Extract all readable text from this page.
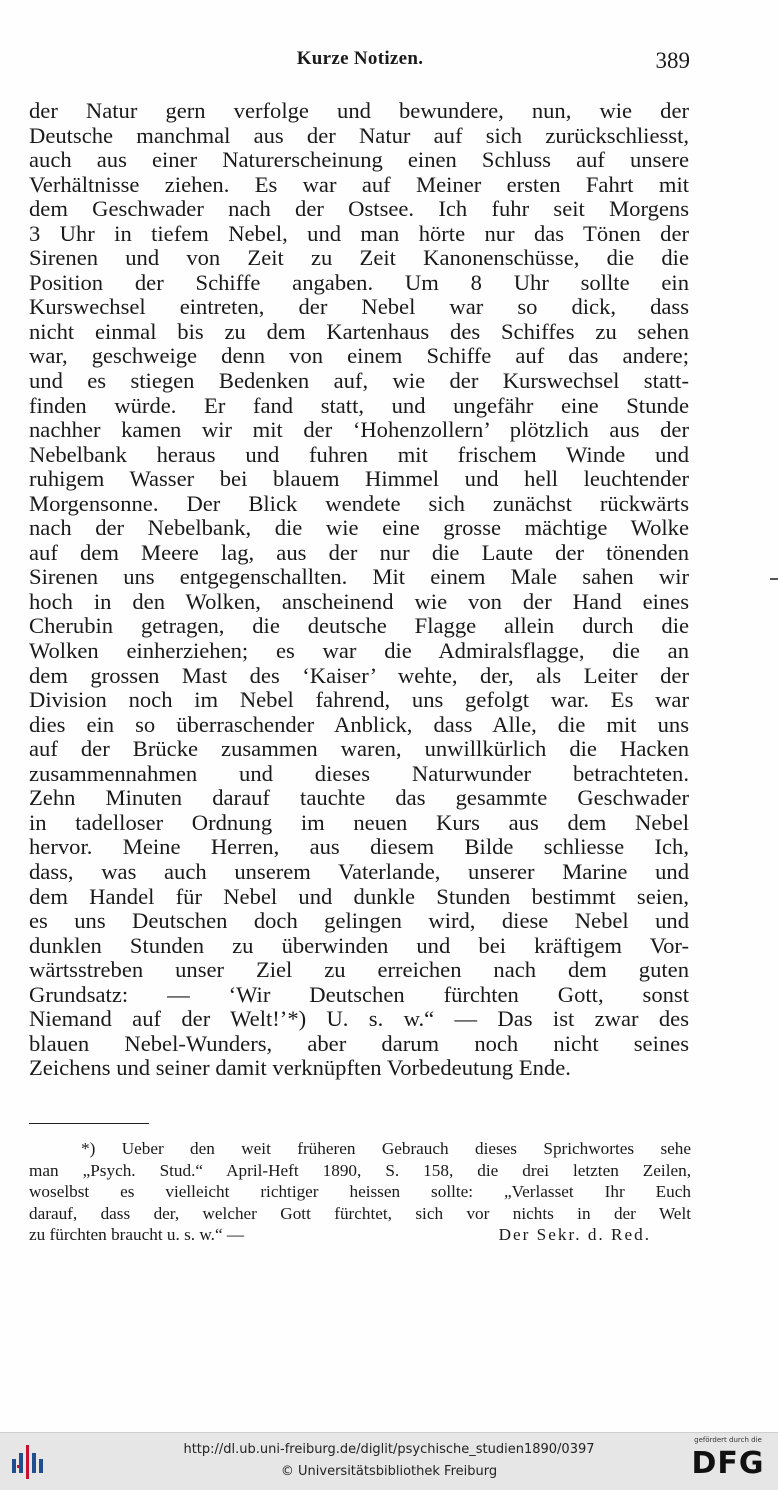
Kurze Notizen.	389
der Natur gern verfolge und bewundere, nun, wie der
Deutsche manchmal aus der Natur auf sich zurückschliesst,
auch aus einer Naturerscheinung einen Schluss auf unsere
Verhältnisse ziehen. Es war auf Meiner ersten Fahrt mit
dem Geschwader nach der Ostsee. Ich fuhr seit Morgens
3 Uhr in tiefem Nebel, und man hörte nur das Tönen der
Sirenen und von Zeit zu Zeit Kanonenschüsse, die die
Position der Schiffe angaben. Um 8 Uhr sollte ein
Kurswechsel eintreten, der Nebel war so dick, dass
nicht einmal bis zu dem Kartenhaus des Schiffes zu sehen
war, geschweige denn von einem Schiffe auf das andere;
und es stiegen Bedenken auf, wie der Kurswechsel statt-
finden würde. Er fand statt, und ungefähr eine Stunde
nachher kamen wir mit der ‘Hohenzollern’ plötzlich aus der
Nebelbank heraus und fuhren mit frischem Winde und
ruhigem Wasser bei blauem Himmel und hell leuchtender
Morgensonne. Der Blick wendete sich zunächst rückwärts
nach der Nebelbank, die wie eine grosse mächtige Wolke
auf dem Meere lag, aus der nur die Laute der tönenden
Sirenen uns entgegenschallten. Mit einem Male sahen wir
hoch in den Wolken, anscheinend wie von der Hand eines
Cherubin getragen, die deutsche Flagge allein durch die
Wolken einherziehen; es war die Admiralsflagge, die an
dem grossen Mast des ‘Kaiser’ wehte, der, als Leiter der
Division noch im Nebel fahrend, uns gefolgt war. Es war
dies ein so überraschender Anblick, dass Alle, die mit uns
auf der Brücke zusammen waren, unwillkürlich die Hacken
zusammennahmen und dieses Naturwunder betrachteten.
Zehn Minuten darauf tauchte das gesammte Geschwader
in tadelloser Ordnung im neuen Kurs aus dem Nebel
hervor. Meine Herren, aus diesem Bilde schliesse Ich,
dass, was auch unserem Vaterlande, unserer Marine und
dem Handel für Nebel und dunkle Stunden bestimmt seien,
es uns Deutschen doch gelingen wird, diese Nebel und
dunklen Stunden zu überwinden und bei kräftigem Vor-
wärtsstreben unser Ziel zu erreichen nach dem guten
Grundsatz: — ‘Wir Deutschen fürchten Gott, sonst
Niemand auf der Welt!’*) U. s. w.“ — Das ist zwar des
blauen Nebel-Wunders, aber darum noch nicht seines
Zeichens und seiner damit verknüpften Vorbedeutung Ende.
*) Ueber den weit früheren Gebrauch dieses Sprichwortes sehe
man „Psych. Stud.“ April-Heft 1890, S. 158, die drei letzten Zeilen,
woselbst es vielleicht richtiger heissen sollte: „Verlasset Ihr Euch
darauf, dass der, welcher Gott fürchtet, sich vor nichts in der Welt
zu fürchten braucht u. s. w.“ —	Der Sekr. d. Red.
http://dl.ub.uni-freiburg.de/diglit/psychische_studien1890/0397
© Universitätsbibliothek Freiburg
gefördert durch die
DFG
